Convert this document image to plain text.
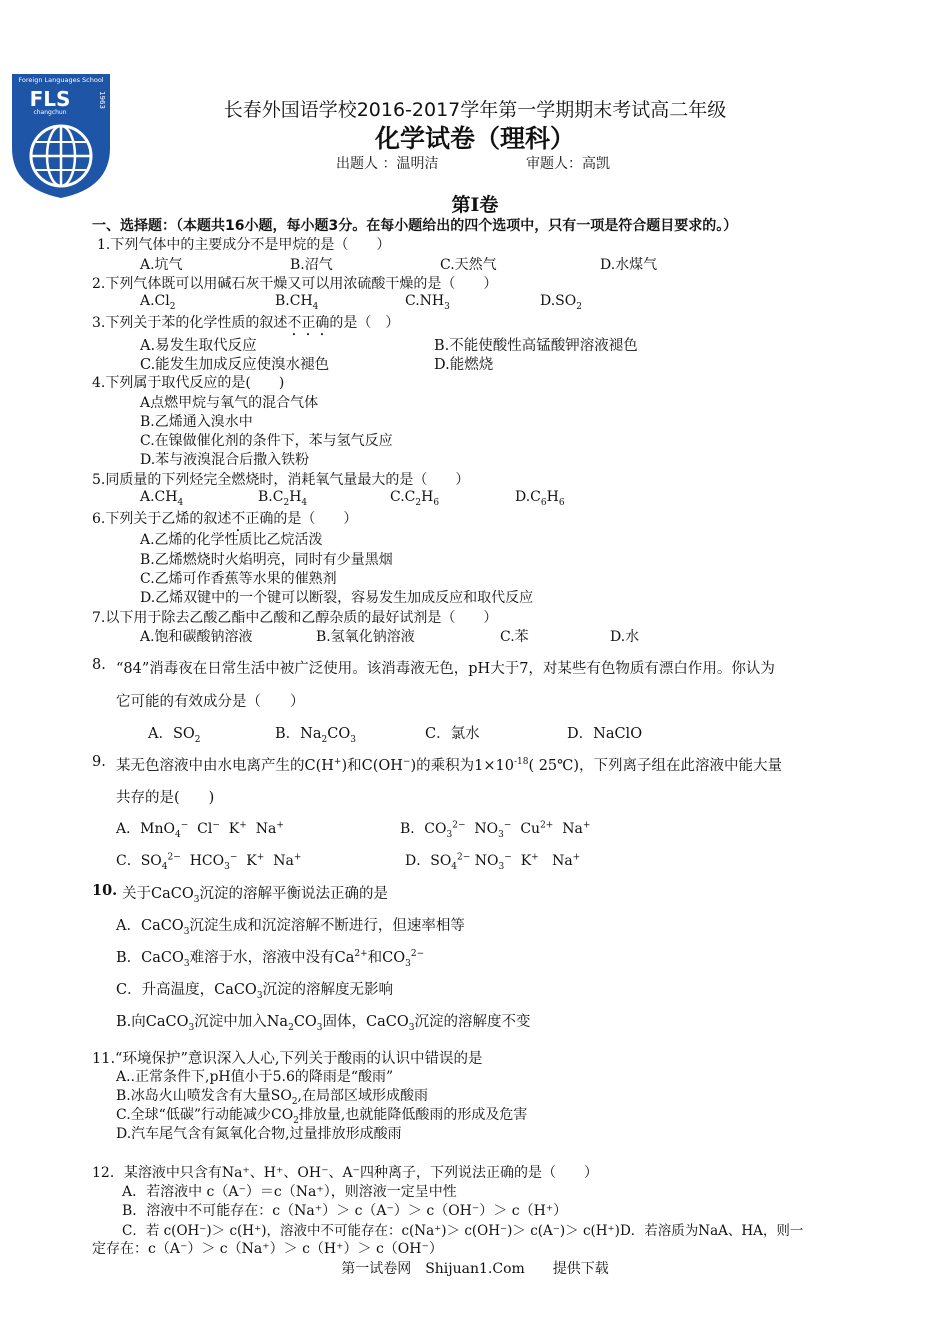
Foreign Languages School
FLS
changchun
1963	长春外国语学校2016-2017学年第一学期期末考试高二年级
化学试卷（理科）
出题人 ：温明洁	审题人：高凯
第Ⅰ卷
一、选择题：（本题共16小题，每小题3分。在每小题给出的四个选项中，只有一项是符合题目要求的。）
1.下列气体中的主要成分不是甲烷的是（　　）
A.坑气	B.沼气	C.天然气	D.水煤气
2.下列气体既可以用碱石灰干燥又可以用浓硫酸干燥的是（　　）
$A.Cl_2$	$B.CH_4$	$C.NH_3$	$D.SO_2$
3.下列关于苯的化学性质的叙述不正确的是（　）
A.易发生取代反应	B.不能使酸性高锰酸钾溶液褪色
C.能发生加成反应使溴水褪色	D.能燃烧
4.下列属于取代反应的是(　　)
A点燃甲烷与氧气的混合气体
B.乙烯通入溴水中
C.在镍做催化剂的条件下，苯与氢气反应
D.苯与液溴混合后撒入铁粉
5.同质量的下列烃完全燃烧时，消耗氧气量最大的是（　　）
$A.CH_4$	$B.C_2H_4$	$C.C_2H_6$	$D.C_6H_6$
6.下列关于乙烯的叙述不正确的是（　　）
A.乙烯的化学性质比乙烷活泼
B.乙烯燃烧时火焰明亮，同时有少量黑烟
C.乙烯可作香蕉等水果的催熟剂
D.乙烯双键中的一个键可以断裂，容易发生加成反应和取代反应
7.以下用于除去乙酸乙酯中乙酸和乙醇杂质的最好试剂是（　　）
A.饱和碳酸钠溶液	B.氢氧化钠溶液	C.苯	D.水
8. “84”消毒夜在日常生活中被广泛使用。该消毒液无色，pH大于7，对某些有色物质有漂白作用。你认为
它可能的有效成分是（　　）
A．$SO_2$	B．$Na_2CO_3$	C．氯水	D．NaClO
9. 某无色溶液中由水电离产生的C(H+)和C(OH−)的乘积为$1\times 10^{-18}$( 25℃)，下列离子组在此溶液中能大量
共存的是(　　)
A．MnO$_4$− Cl− K+ Na+	B．$CO_3^{2-}$ $NO_3^-$ $Cu^{2+}$ Na+
C．$SO_4^{2-}$ $HCO_3^-$ K+ Na+	D．$SO_4^{2-}$ $NO_3^-$ K+ Na+
10. 关于CaCO$_3$沉淀的溶解平衡说法正确的是
A．CaCO$_3$沉淀生成和沉淀溶解不断进行，但速率相等
B．CaCO$_3$难溶于水，溶液中没有$Ca^{2+}$和$CO_3^{2-}$
C．升高温度，CaCO$_3$沉淀的溶解度无影响
B.向CaCO$_3$沉淀中加入$Na_2CO_3$固体，CaCO$_3$沉淀的溶解度不变
11.“环境保护”意识深入人心,下列关于酸雨的认识中错误的是
A..正常条件下,pH值小于5.6的降雨是“酸雨”
B.冰岛火山喷发含有大量$SO_2$,在局部区域形成酸雨
C.全球“低碳”行动能减少$CO_2$排放量,也就能降低酸雨的形成及危害
D.汽车尾气含有氮氧化合物,过量排放形成酸雨
12．某溶液中只含有Na⁺、H⁺、OH⁻、A⁻四种离子，下列说法正确的是（　　）
A．若溶液中 c（A⁻）＝c（Na⁺），则溶液一定呈中性
B．溶液中不可能存在：c（Na⁺）＞ c（A⁻）＞ c（OH⁻）＞ c（H⁺）
C．若 c(OH⁻)＞ c(H⁺)，溶液中不可能存在：c(Na⁺)＞ c(OH⁻)＞ c(A⁻)＞ c(H⁺)D．若溶质为NaA、HA，则一
定存在：c（A⁻）＞ c（Na⁺）＞ c（H⁺）＞ c（OH⁻）
第一试卷网　Shijuan1.Com　　提供下载
